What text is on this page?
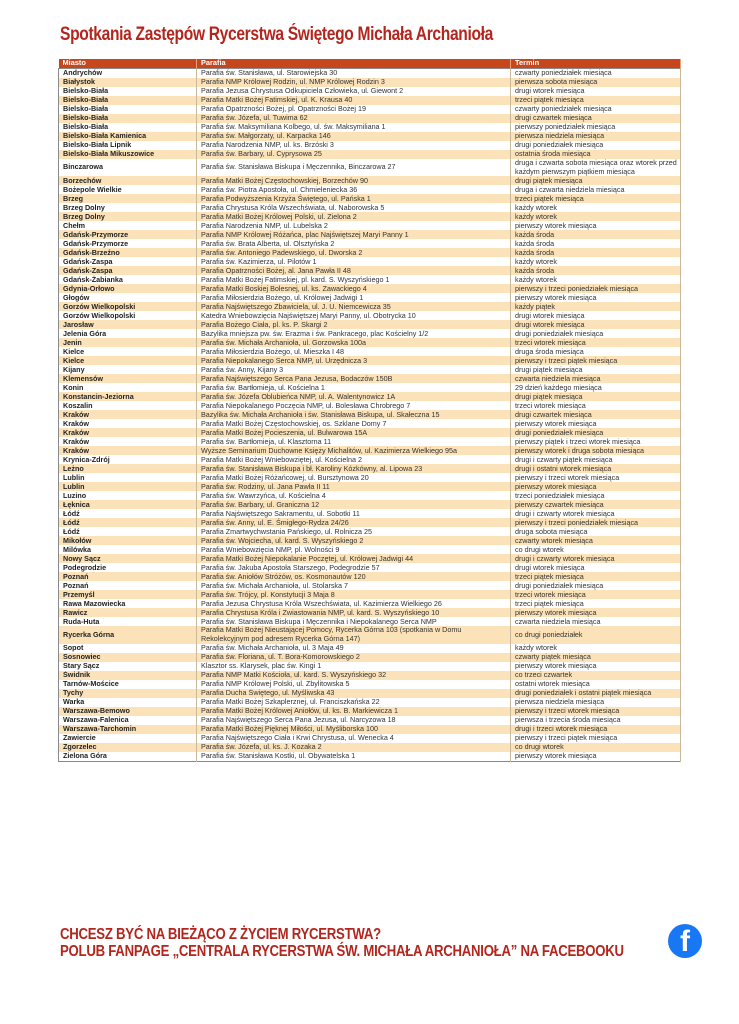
Spotkania Zastępów Rycerstwa Świętego Michała Archanioła
Miasto	Parafia	Termin
Andrychów	Parafia św. Stanisława, ul. Starowiejska 30	czwarty poniedziałek miesiąca
Białystok	Parafia NMP Królowej Rodzin, ul. NMP Królowej Rodzin 3	pierwsza sobota miesiąca
Bielsko-Biała	Parafia Jezusa Chrystusa Odkupiciela Człowieka, ul. Giewont 2	drugi wtorek miesiąca
Bielsko-Biała	Parafia Matki Bożej Fatimskiej, ul. K. Krausa 40	trzeci piątek miesiąca
Bielsko-Biała	Parafia Opatrzności Bożej, pl. Opatrzności Bożej 19	czwarty poniedziałek miesiąca
Bielsko-Biała	Parafia św. Józefa, ul. Tuwima 62	drugi czwartek miesiąca
Bielsko-Biała	Parafia św. Maksymiliana Kolbego, ul. św. Maksymiliana 1	pierwszy poniedziałek miesiąca
Bielsko-Biała Kamienica	Parafia św. Małgorzaty, ul. Karpacka 146	pierwsza niedziela miesiąca
Bielsko-Biała Lipnik	Parafia Narodzenia NMP, ul. ks. Brzóski 3	drugi poniedziałek miesiąca
Bielsko-Biała Mikuszowice	Parafia św. Barbary, ul. Cyprysowa 25	ostatnia środa miesiąca
Binczarowa	Parafia św. Stanisława Biskupa i Męczennika, Binczarowa 27	druga i czwarta sobota miesiąca oraz wtorek przed każdym pierwszym piątkiem miesiąca
Borzechów	Parafia Matki Bożej Częstochowskiej, Borzechów 90	drugi piątek miesiąca
Bożepole Wielkie	Parafia św. Piotra Apostoła, ul. Chmieleniecka 36	druga i czwarta niedziela miesiąca
Brzeg	Parafia Podwyższenia Krzyża Świętego, ul. Pańska 1	trzeci piątek miesiąca
Brzeg Dolny	Parafia Chrystusa Króla Wszechświata, ul. Naborowska 5	każdy wtorek
Brzeg Dolny	Parafia Matki Bożej Królowej Polski, ul. Zielona 2	każdy wtorek
Chełm	Parafia Narodzenia NMP, ul. Lubelska 2	pierwszy wtorek miesiąca
Gdańsk-Przymorze	Parafia NMP Królowej Różańca, plac Najświętszej Maryi Panny 1	każda środa
Gdańsk-Przymorze	Parafia św. Brata Alberta, ul. Olsztyńska 2	każda środa
Gdańsk-Brzeźno	Parafia św. Antoniego Padewskiego, ul. Dworska 2	każda środa
Gdańsk-Zaspa	Parafia św. Kazimierza, ul. Pilotów 1	każdy wtorek
Gdańsk-Zaspa	Parafia Opatrzności Bożej, al. Jana Pawła II 48	każda środa
Gdańsk-Żabianka	Parafia Matki Bożej Fatimskiej, pl. kard. S. Wyszyńskiego 1	każdy wtorek
Gdynia-Orłowo	Parafia Matki Boskiej Bolesnej, ul. ks. Zawackiego 4	pierwszy i trzeci poniedziałek miesiąca
Głogów	Parafia Miłosierdzia Bożego, ul. Królowej Jadwigi 1	pierwszy wtorek miesiąca
Gorzów Wielkopolski	Parafia Najświętszego Zbawiciela, ul. J. U. Niemcewicza 35	każdy piątek
Gorzów Wielkopolski	Katedra Wniebowzięcia Najświętszej Maryi Panny, ul. Obotrycka 10	drugi wtorek miesiąca
Jarosław	Parafia Bożego Ciała, pl. ks. P. Skargi 2	drugi wtorek miesiąca
Jelenia Góra	Bazylika mniejsza pw. św. Erazma i św. Pankracego, plac Kościelny 1/2	drugi poniedziałek miesiąca
Jenin	Parafia św. Michała Archanioła, ul. Gorzowska 100a	trzeci wtorek miesiąca
Kielce	Parafia Miłosierdzia Bożego, ul. Mieszka I 48	druga środa miesiąca
Kielce	Parafia Niepokalanego Serca NMP, ul. Urzędnicza 3	pierwszy i trzeci piątek miesiąca
Kijany	Parafia św. Anny, Kijany 3	drugi piątek miesiąca
Klemensów	Parafia Najświętszego Serca Pana Jezusa, Bodaczów 150B	czwarta niedziela miesiąca
Konin	Parafia św. Bartłomieja, ul. Kościelna 1	29 dzień każdego miesiąca
Konstancin-Jeziorna	Parafia św. Józefa Oblubieńca NMP, ul. A. Walentynowicz 1A	drugi piątek miesiąca
Koszalin	Parafia Niepokalanego Poczęcia NMP, ul. Bolesława Chrobrego 7	trzeci wtorek miesiąca
Kraków	Bazylika św. Michała Archanioła i św. Stanisława Biskupa, ul. Skałeczna 15	drugi czwartek miesiąca
Kraków	Parafia Matki Bożej Częstochowskiej, os. Szklane Domy 7	pierwszy wtorek miesiąca
Kraków	Parafia Matki Bożej Pocieszenia, ul. Bulwarowa 15A	drugi poniedziałek miesiąca
Kraków	Parafia św. Bartłomieja, ul. Klasztorna 11	pierwszy piątek i trzeci wtorek miesiąca
Kraków	Wyższe Seminarium Duchowne Księży Michalitów, ul. Kazimierza Wielkiego 95a	pierwszy wtorek i druga sobota miesiąca
Krynica-Zdrój	Parafia Matki Bożej Wniebowziętej, ul. Kościelna 2	drugi i czwarty piątek miesiąca
Leżno	Parafia św. Stanisława Biskupa i bł. Karoliny Kózkówny, al. Lipowa 23	drugi i ostatni wtorek miesiąca
Lublin	Parafia Matki Bożej Różańcowej, ul. Bursztynowa 20	pierwszy i trzeci wtorek miesiąca
Lublin	Parafia św. Rodziny, ul. Jana Pawła II 11	pierwszy wtorek miesiąca
Luzino	Parafia św. Wawrzyńca, ul. Kościelna 4	trzeci poniedziałek miesiąca
Łęknica	Parafia św. Barbary, ul. Graniczna 12	pierwszy czwartek miesiąca
Łódź	Parafia Najświętszego Sakramentu, ul. Sobotki 11	drugi i czwarty wtorek miesiąca
Łódź	Parafia św. Anny, ul. E. Śmigłego-Rydza 24/26	pierwszy i trzeci poniedziałek miesiąca
Łódź	Parafia Zmartwychwstania Pańskiego, ul. Rolnicza 25	druga sobota miesiąca
Mikołów	Parafia św. Wojciecha, ul. kard. S. Wyszyńskiego 2	czwarty wtorek miesiąca
Milówka	Parafia Wniebowzięcia NMP, pl. Wolności 9	co drugi wtorek
Nowy Sącz	Parafia Matki Bożej Niepokalanie Poczętej, ul. Królowej Jadwigi 44	drugi i czwarty wtorek miesiąca
Podegrodzie	Parafia św. Jakuba Apostoła Starszego, Podegrodzie 57	drugi wtorek miesiąca
Poznań	Parafia św. Aniołów Stróżów, os. Kosmonautów 120	trzeci piątek miesiąca
Poznań	Parafia św. Michała Archanioła, ul. Stolarska 7	drugi poniedziałek miesiąca
Przemyśl	Parafia św. Trójcy, pl. Konstytucji 3 Maja 8	trzeci wtorek miesiąca
Rawa Mazowiecka	Parafia Jezusa Chrystusa Króla Wszechświata, ul. Kazimierza Wielkiego 26	trzeci piątek miesiąca
Rawicz	Parafia Chrystusa Króla i Zwiastowania NMP, ul. kard. S. Wyszyńskiego 10	pierwszy wtorek miesiąca
Ruda-Huta	Parafia św. Stanisława Biskupa i Męczennika i Niepokalanego Serca NMP	czwarta niedziela miesiąca
Rycerka Górna	Parafia Matki Bożej Nieustającej Pomocy, Rycerka Górna 103 (spotkania w Domu Rekolekcyjnym pod adresem Rycerka Górna 147)	co drugi poniedziałek
Sopot	Parafia św. Michała Archanioła, ul. 3 Maja 49	każdy wtorek
Sosnowiec	Parafia św. Floriana, ul. T. Bora-Komorowskiego 2	czwarty piątek miesiąca
Stary Sącz	Klasztor ss. Klarysek, plac św. Kingi 1	pierwszy wtorek miesiąca
Świdnik	Parafia NMP Matki Kościoła, ul. kard. S. Wyszyńskiego 32	co trzeci czwartek
Tarnów-Mościce	Parafia NMP Królowej Polski, ul. Zbylitowska 5	ostatni wtorek miesiąca
Tychy	Parafia Ducha Świętego, ul. Myśliwska 43	drugi poniedziałek i ostatni piątek miesiąca
Warka	Parafia Matki Bożej Szkaplerznej, ul. Franciszkańska 22	pierwsza niedziela miesiąca
Warszawa-Bemowo	Parafia Matki Bożej Królowej Aniołów, ul. ks. B. Markiewicza 1	pierwszy i trzeci wtorek miesiąca
Warszawa-Falenica	Parafia Najświętszego Serca Pana Jezusa, ul. Narcyzowa 18	pierwsza i trzecia środa miesiąca
Warszawa-Tarchomin	Parafia Matki Bożej Pięknej Miłości, ul. Myśliborska 100	drugi i trzeci wtorek miesiąca
Zawiercie	Parafia Najświętszego Ciała i Krwi Chrystusa, ul. Wenecka 4	pierwszy i trzeci piątek miesiąca
Zgorzelec	Parafia św. Józefa, ul. ks. J. Kozaka 2	co drugi wtorek
Zielona Góra	Parafia św. Stanisława Kostki, ul. Obywatelska 1	pierwszy wtorek miesiąca
CHCESZ BYĆ NA BIEŻĄCO Z ŻYCIEM RYCERSTWA?
POLUB FANPAGE „CENTRALA RYCERSTWA ŚW. MICHAŁA ARCHANIOŁA” NA FACEBOOKU f
